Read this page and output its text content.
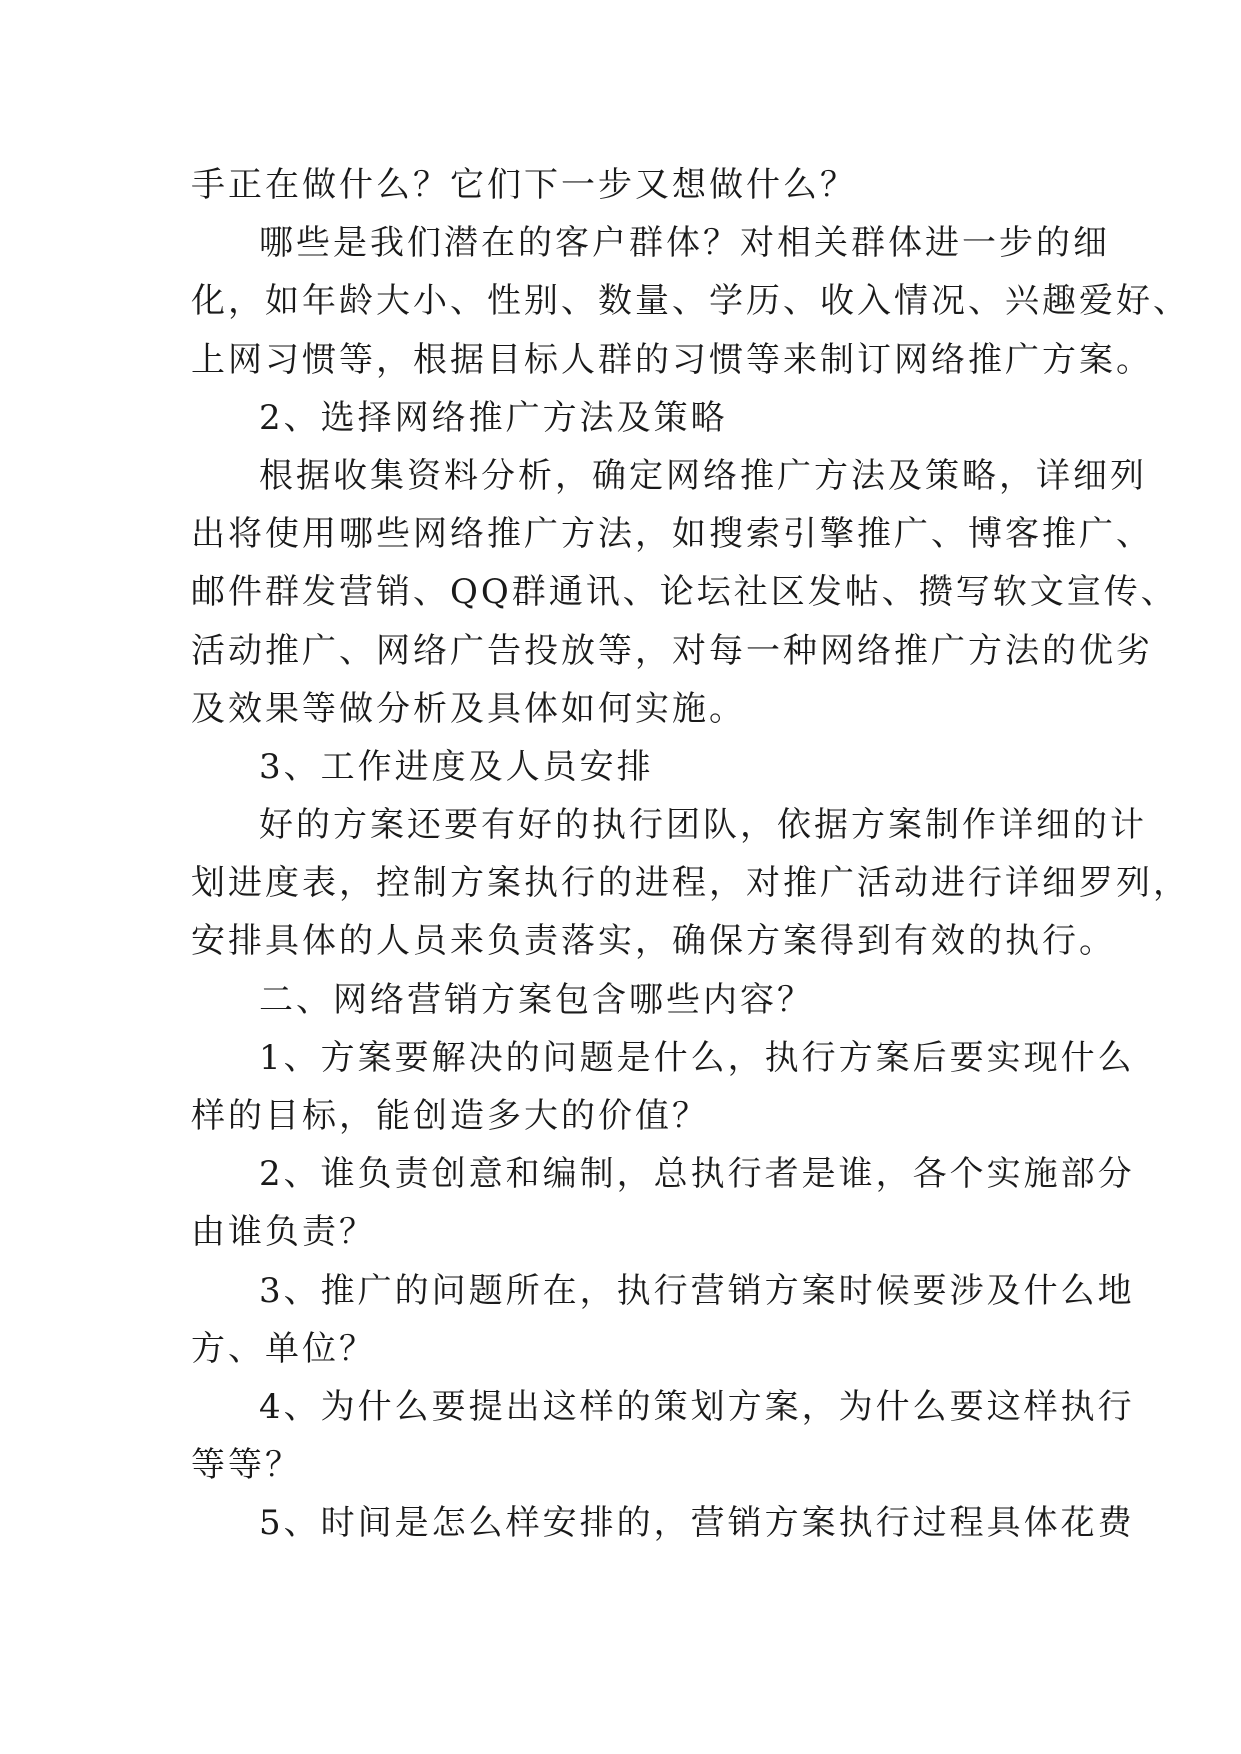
手正在做什么？它们下一步又想做什么？
哪些是我们潜在的客户群体？对相关群体进一步的细
化，如年龄大小、性别、数量、学历、收入情况、兴趣爱好、
上网习惯等，根据目标人群的习惯等来制订网络推广方案。
2、选择网络推广方法及策略
根据收集资料分析，确定网络推广方法及策略，详细列
出将使用哪些网络推广方法，如搜索引擎推广、博客推广、
邮件群发营销、QQ群通讯、论坛社区发帖、攒写软文宣传、
活动推广、网络广告投放等，对每一种网络推广方法的优劣
及效果等做分析及具体如何实施。
3、工作进度及人员安排
好的方案还要有好的执行团队，依据方案制作详细的计
划进度表，控制方案执行的进程，对推广活动进行详细罗列，
安排具体的人员来负责落实，确保方案得到有效的执行。
二、网络营销方案包含哪些内容？
1、方案要解决的问题是什么，执行方案后要实现什么
样的目标，能创造多大的价值？
2、谁负责创意和编制，总执行者是谁，各个实施部分
由谁负责？
3、推广的问题所在，执行营销方案时候要涉及什么地
方、单位？
4、为什么要提出这样的策划方案，为什么要这样执行
等等？
5、时间是怎么样安排的，营销方案执行过程具体花费
